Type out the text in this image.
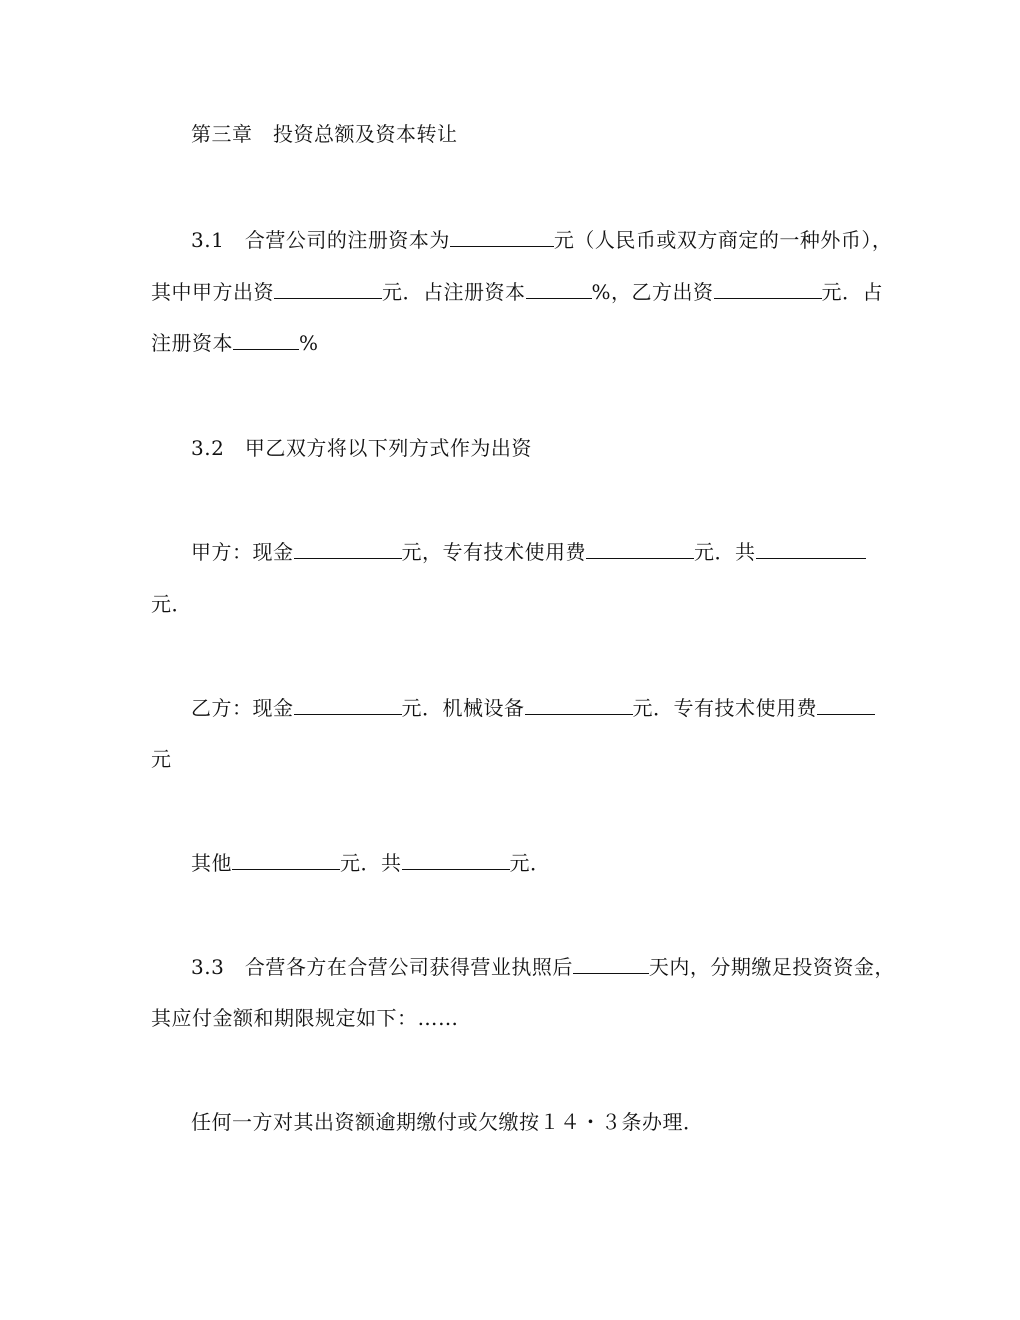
第三章　投资总额及资本转让
3.1 合营公司的注册资本为	元（人民币或双方商定的一种外币），
其中甲方出资	元．占注册资本	%，乙方出资	元．占
注册资本	%
3.2 甲乙双方将以下列方式作为出资
甲方：现金	元，专有技术使用费	元．共
元．
乙方：现金	元．机械设备	元．专有技术使用费
元
其他	元．共	元．
3.3 合营各方在合营公司获得营业执照后	天内，分期缴足投资资金，
其应付金额和期限规定如下：……
任何一方对其出资额逾期缴付或欠缴按１４・３条办理．
